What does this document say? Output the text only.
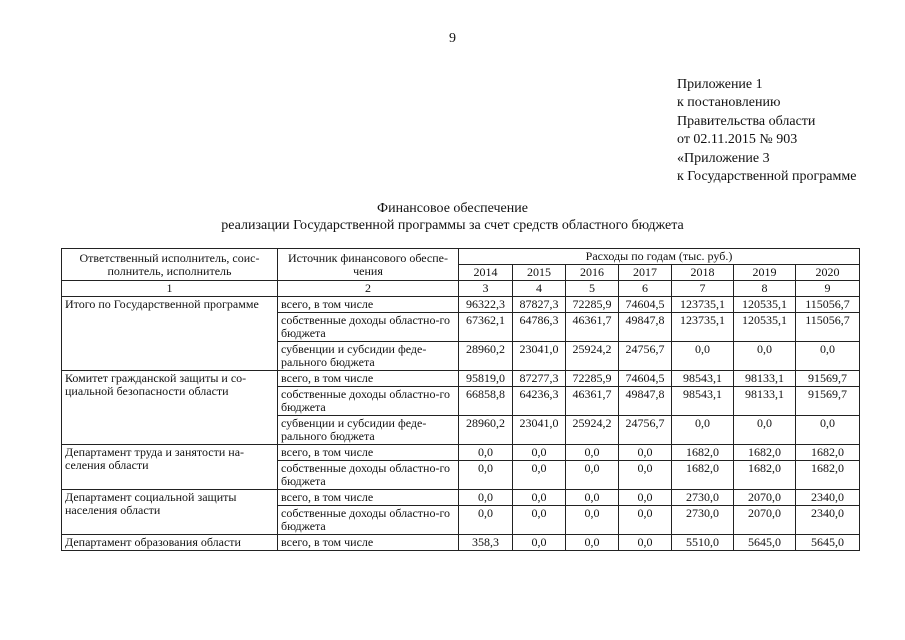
9
Приложение 1
к постановлению
Правительства области
от 02.11.2015 № 903
«Приложение 3
к Государственной программе
Финансовое обеспечение
реализации Государственной программы за счет средств областного бюджета
Ответственный исполнитель, соис-полнитель, исполнитель	Источник финансового обеспе-чения	Расходы по годам (тыс. руб.)						
		2014	2015	2016	2017	2018	2019	2020
1	2	3	4	5	6	7	8	9
Итого по Государственной программе	всего, в том числе	96322,3	87827,3	72285,9	74604,5	123735,1	120535,1	115056,7
	собственные доходы областно-го бюджета	67362,1	64786,3	46361,7	49847,8	123735,1	120535,1	115056,7
	субвенции и субсидии феде-рального бюджета	28960,2	23041,0	25924,2	24756,7	0,0	0,0	0,0
Комитет гражданской защиты и со-циальной безопасности области	всего, в том числе	95819,0	87277,3	72285,9	74604,5	98543,1	98133,1	91569,7
	собственные доходы областно-го бюджета	66858,8	64236,3	46361,7	49847,8	98543,1	98133,1	91569,7
	субвенции и субсидии феде-рального бюджета	28960,2	23041,0	25924,2	24756,7	0,0	0,0	0,0
Департамент труда и занятости на-селения области	всего, в том числе	0,0	0,0	0,0	0,0	1682,0	1682,0	1682,0
	собственные доходы областно-го бюджета	0,0	0,0	0,0	0,0	1682,0	1682,0	1682,0
Департамент социальной защиты населения области	всего, в том числе	0,0	0,0	0,0	0,0	2730,0	2070,0	2340,0
	собственные доходы областно-го бюджета	0,0	0,0	0,0	0,0	2730,0	2070,0	2340,0
Департамент образования области	всего, в том числе	358,3	0,0	0,0	0,0	5510,0	5645,0	5645,0
